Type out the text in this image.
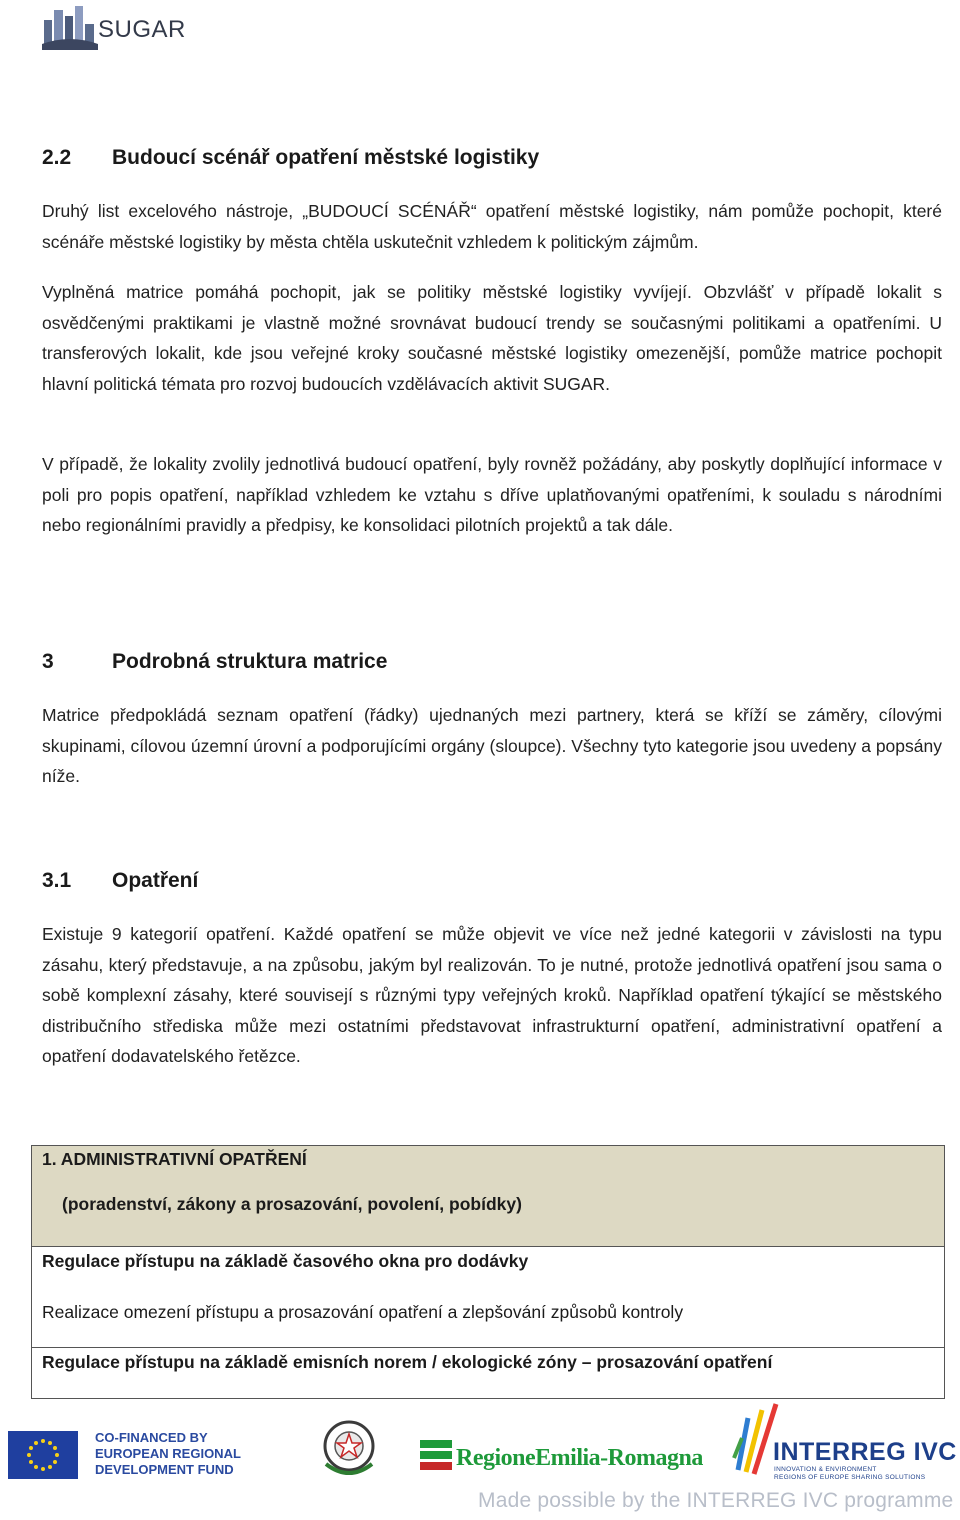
SUGAR
2.2 Budoucí scénář opatření městské logistiky

Druhý list excelového nástroje, „BUDOUCÍ SCÉNÁŘ“ opatření městské logistiky, nám pomůže pochopit, které scénáře městské logistiky by města chtěla uskutečnit vzhledem k politickým zájmům.

Vyplněná matrice pomáhá pochopit, jak se politiky městské logistiky vyvíjejí. Obzvlášť v případě lokalit s osvědčenými praktikami je vlastně možné srovnávat budoucí trendy se současnými politikami a opatřeními. U transferových lokalit, kde jsou veřejné kroky současné městské logistiky omezenější, pomůže matrice pochopit hlavní politická témata pro rozvoj budoucích vzdělávacích aktivit SUGAR.

V případě, že lokality zvolily jednotlivá budoucí opatření, byly rovněž požádány, aby poskytly doplňující informace v poli pro popis opatření, například vzhledem ke vztahu s dříve uplatňovanými opatřeními, k souladu s národními nebo regionálními pravidly a předpisy, ke konsolidaci pilotních projektů a tak dále.

3	Podrobná struktura matrice

Matrice předpokládá seznam opatření (řádky) ujednaných mezi partnery, která se kříží se záměry, cílovými skupinami, cílovou územní úrovní a podporujícími orgány (sloupce). Všechny tyto kategorie jsou uvedeny a popsány níže.

3.1 Opatření

Existuje 9 kategorií opatření. Každé opatření se může objevit ve více než jedné kategorii v závislosti na typu zásahu, který představuje, a na způsobu, jakým byl realizován. To je nutné, protože jednotlivá opatření jsou sama o sobě komplexní zásahy, které souvisejí s různými typy veřejných kroků. Například opatření týkající se městského distribučního střediska může mezi ostatními představovat infrastrukturní opatření, administrativní opatření a opatření dodavatelského řetězce.

1. ADMINISTRATIVNÍ OPATŘENÍ
(poradenství, zákony a prosazování, povolení, pobídky)

Regulace přístupu na základě časového okna pro dodávky
Realizace omezení přístupu a prosazování opatření a zlepšování způsobů kontroly

Regulace přístupu na základě emisních norem / ekologické zóny – prosazování opatření
CO-FINANCED BY
EUROPEAN REGIONAL
DEVELOPMENT FUND	RegioneEmilia-Romagna	INTERREG IVC
INNOVATION & ENVIRONMENT
REGIONS OF EUROPE SHARING SOLUTIONS
Made possible by the INTERREG IVC programme
